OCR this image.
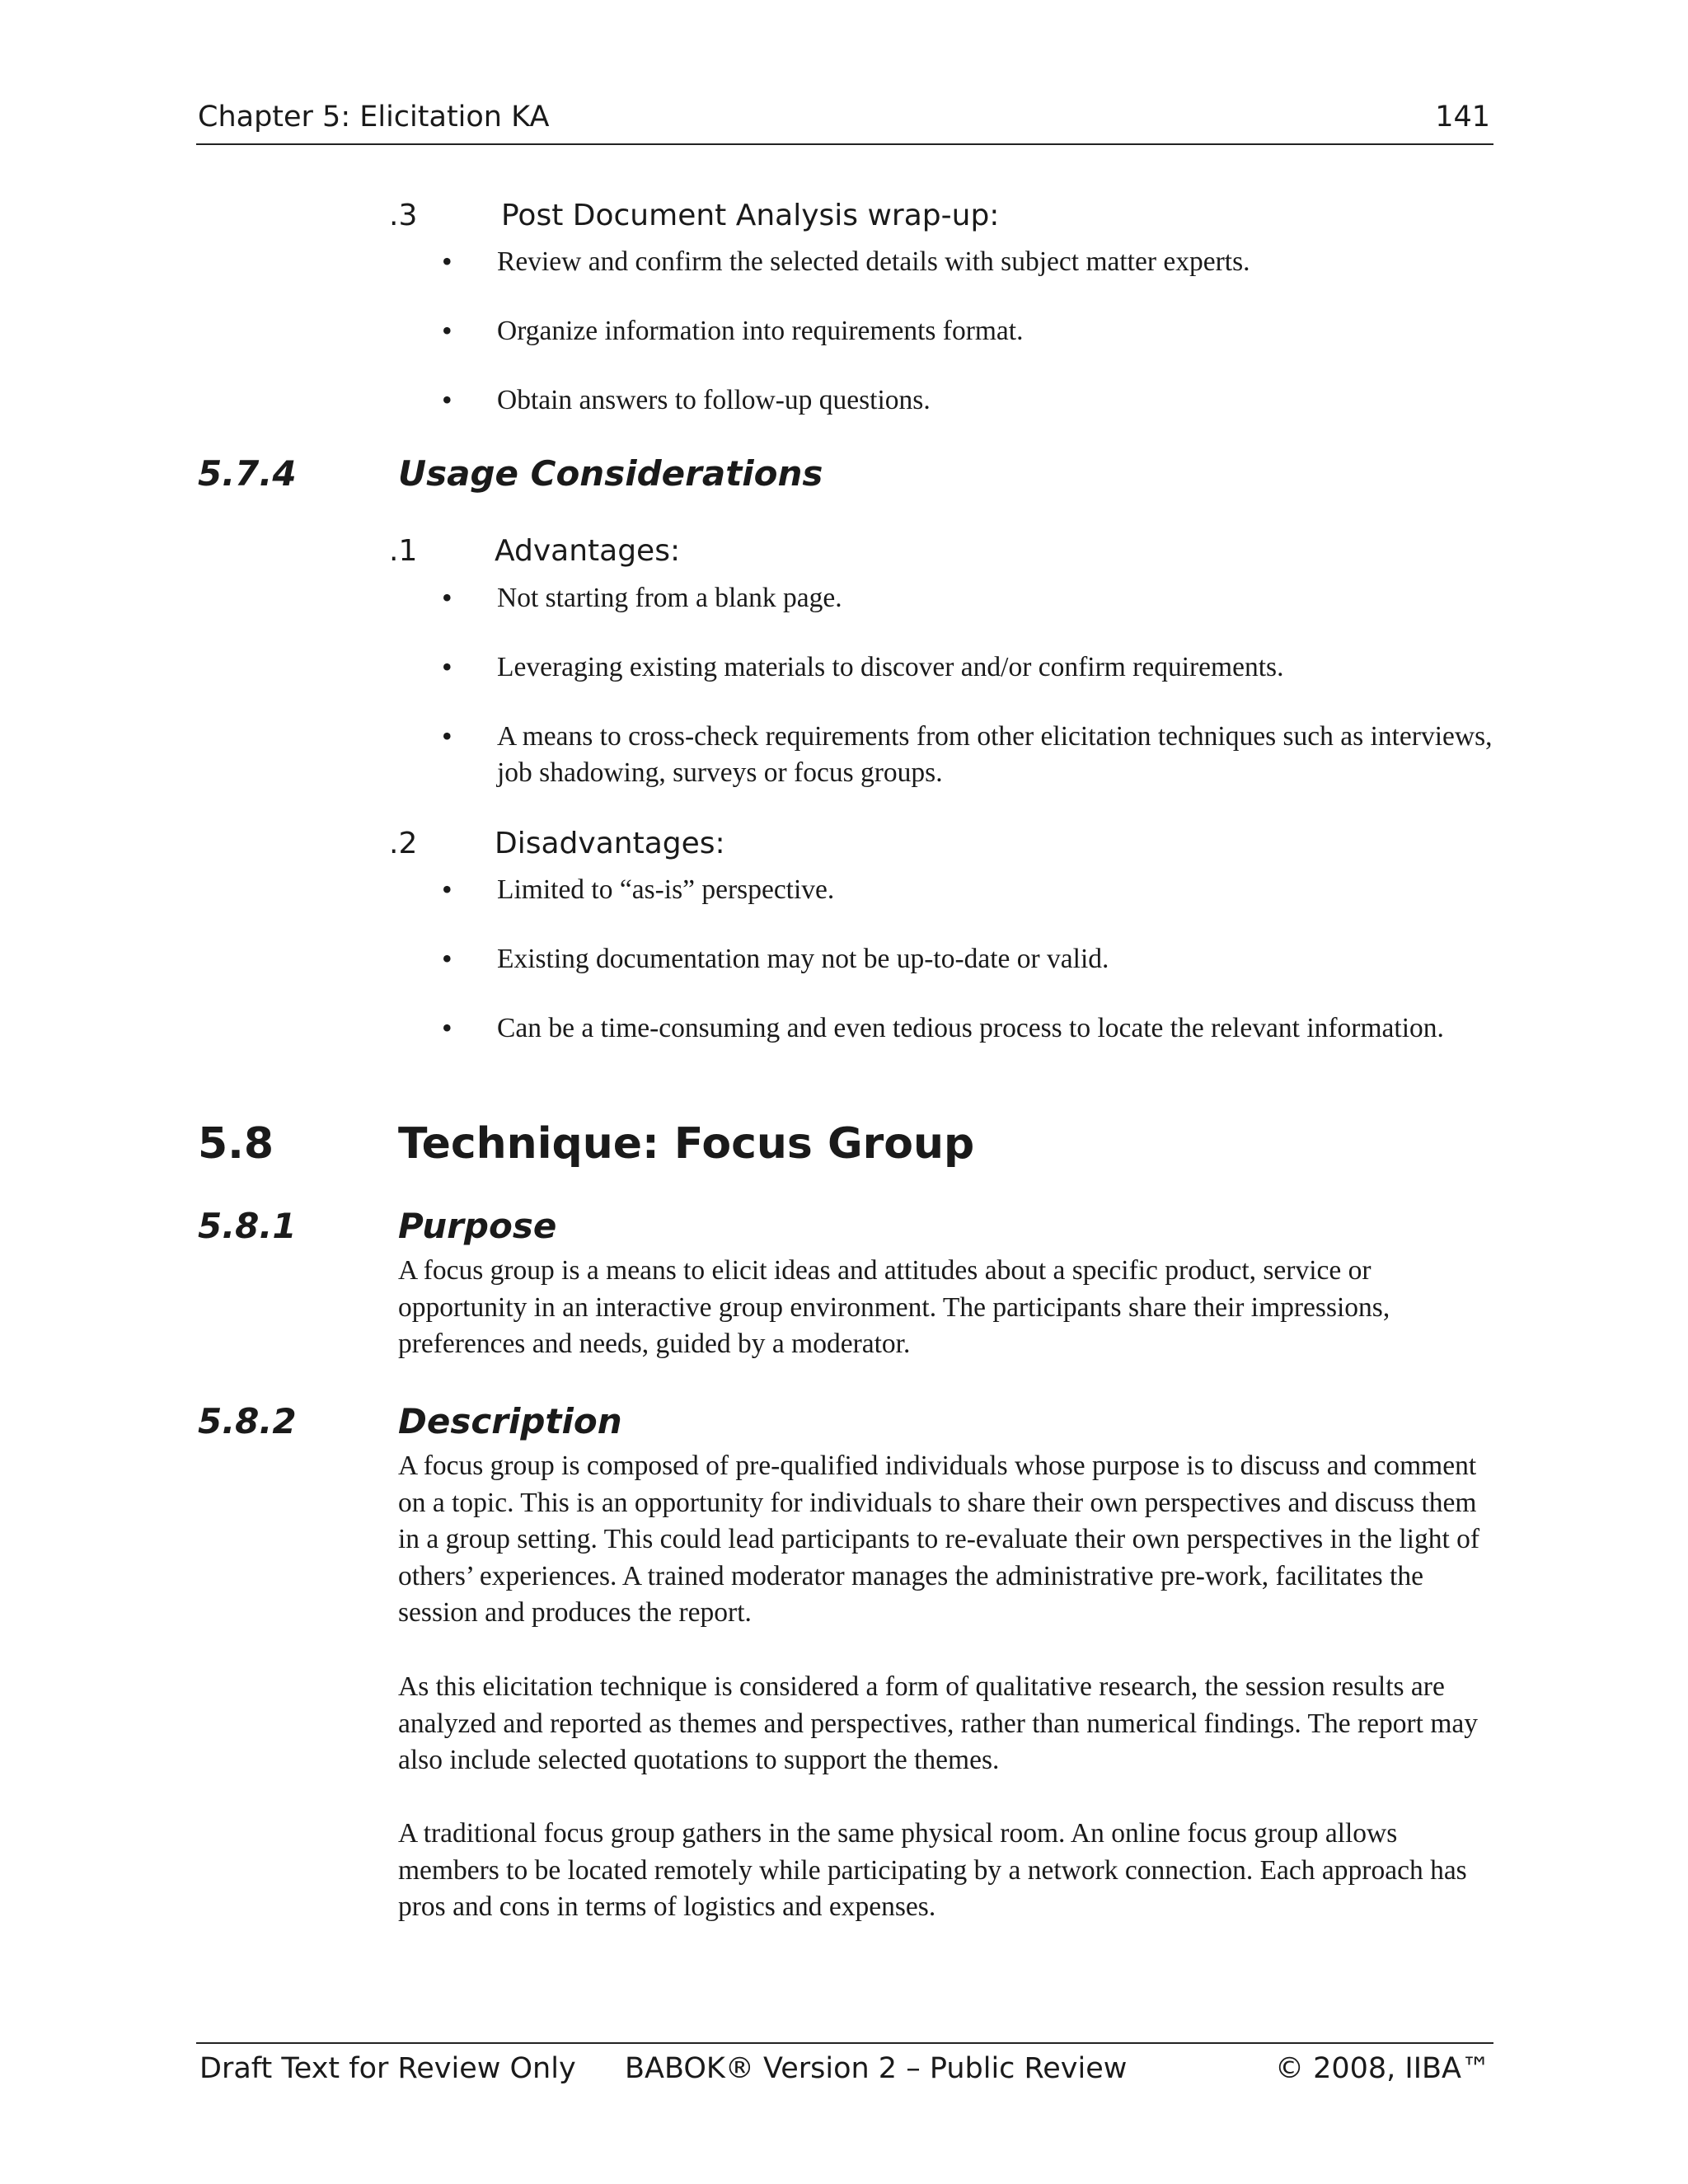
Chapter 5: Elicitation KA	141
.3	Post Document Analysis wrap-up:
• Review and confirm the selected details with subject matter experts.
• Organize information into requirements format.
• Obtain answers to follow-up questions.
5.7.4	Usage Considerations
.1	Advantages:
• Not starting from a blank page.
• Leveraging existing materials to discover and/or confirm requirements.
• A means to cross-check requirements from other elicitation techniques such as interviews, job shadowing, surveys or focus groups.
.2	Disadvantages:
• Limited to “as-is” perspective.
• Existing documentation may not be up-to-date or valid.
• Can be a time-consuming and even tedious process to locate the relevant information.
5.8	Technique: Focus Group
5.8.1	Purpose
A focus group is a means to elicit ideas and attitudes about a specific product, service or opportunity in an interactive group environment. The participants share their impressions, preferences and needs, guided by a moderator.
5.8.2	Description
A focus group is composed of pre-qualified individuals whose purpose is to discuss and comment on a topic. This is an opportunity for individuals to share their own perspectives and discuss them in a group setting. This could lead participants to re-evaluate their own perspectives in the light of others’ experiences. A trained moderator manages the administrative pre-work, facilitates the session and produces the report.
As this elicitation technique is considered a form of qualitative research, the session results are analyzed and reported as themes and perspectives, rather than numerical findings. The report may also include selected quotations to support the themes.
A traditional focus group gathers in the same physical room. An online focus group allows members to be located remotely while participating by a network connection. Each approach has pros and cons in terms of logistics and expenses.
Draft Text for Review Only BABOK® Version 2 – Public Review	© 2008, IIBA™
